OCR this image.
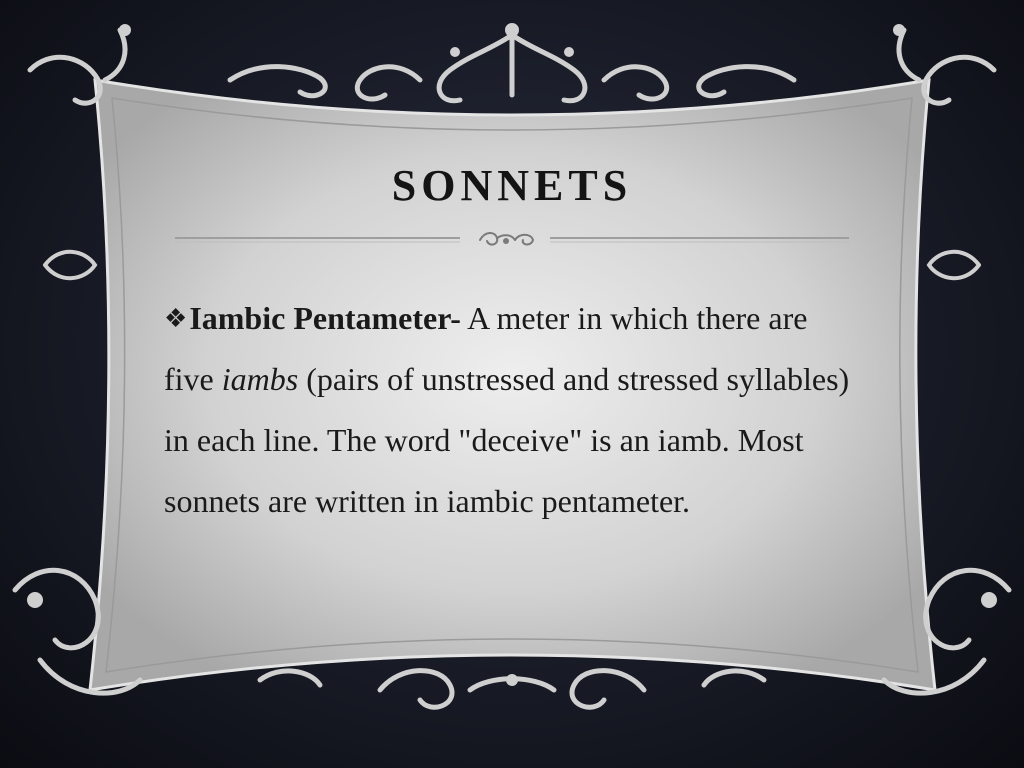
SONNETS
❖Iambic Pentameter- A meter in which there are five iambs (pairs of unstressed and stressed syllables) in each line. The word "deceive" is an iamb. Most sonnets are written in iambic pentameter.
